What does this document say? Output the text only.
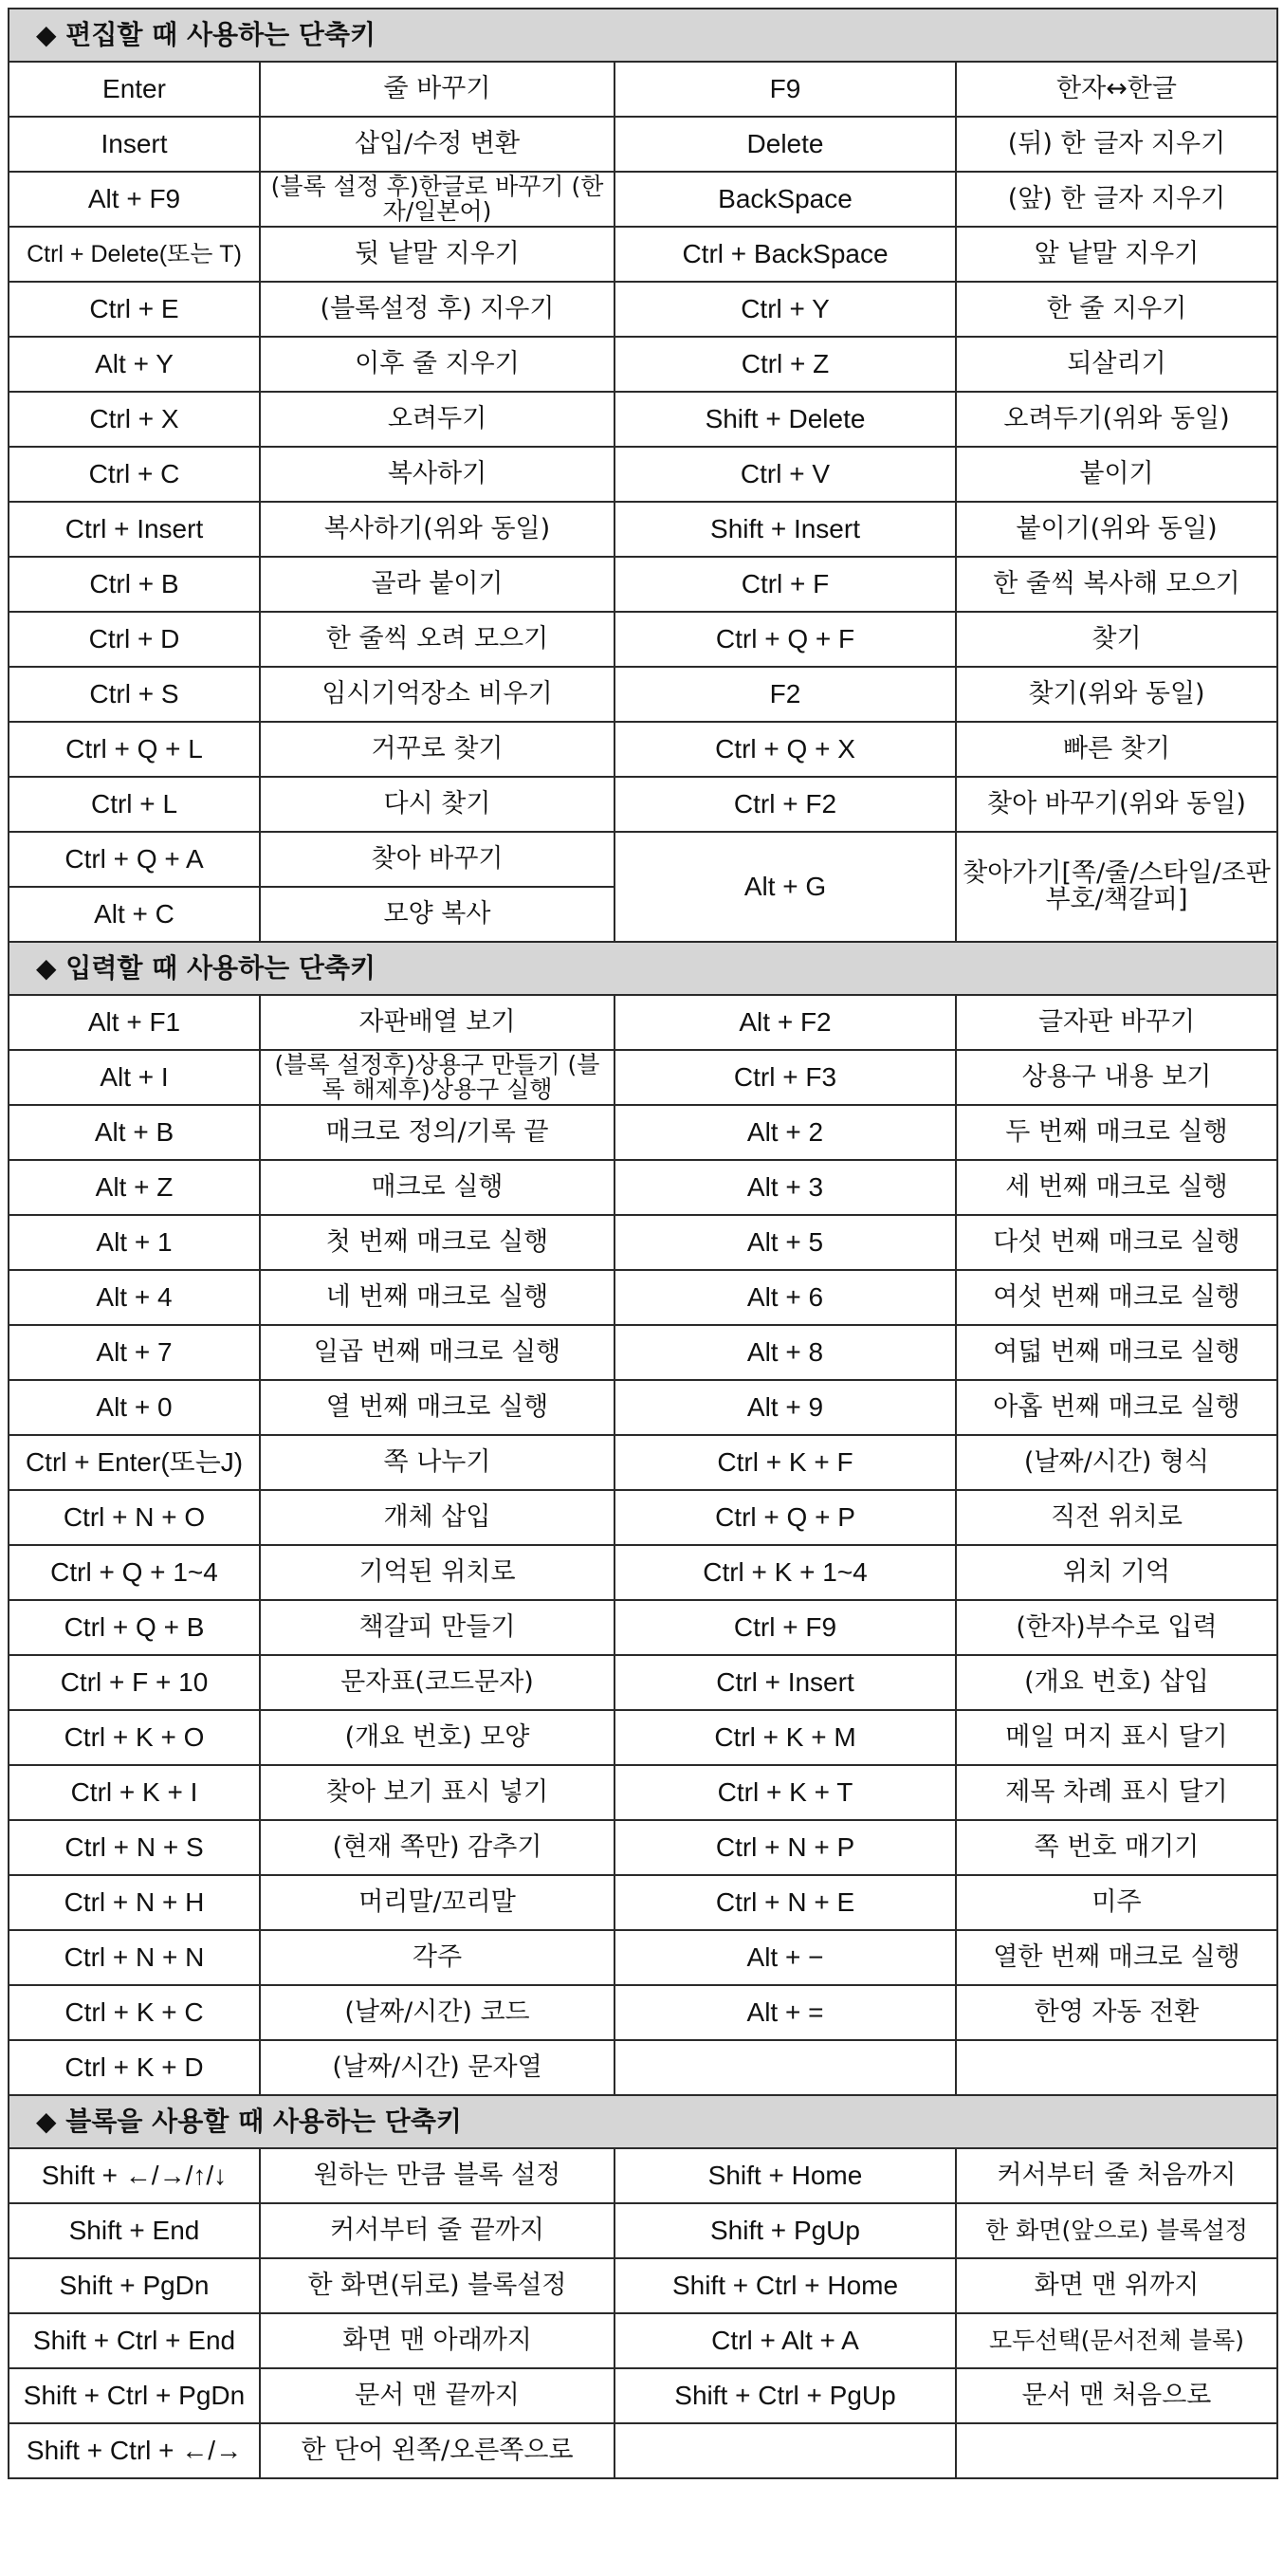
◆ 편집할 때 사용하는 단축키			
Enter	줄 바꾸기	F9	한자↔한글
Insert	삽입/수정 변환	Delete	(뒤) 한 글자 지우기
Alt + F9	(블록 설정 후)한글로 바꾸기 (한자/일본어)	BackSpace	(앞) 한 글자 지우기
Ctrl + Delete(또는 T)	뒷 낱말 지우기	Ctrl + BackSpace	앞 낱말 지우기
Ctrl + E	(블록설정 후) 지우기	Ctrl + Y	한 줄 지우기
Alt + Y	이후 줄 지우기	Ctrl + Z	되살리기
Ctrl + X	오려두기	Shift + Delete	오려두기(위와 동일)
Ctrl + C	복사하기	Ctrl + V	붙이기
Ctrl + Insert	복사하기(위와 동일)	Shift + Insert	붙이기(위와 동일)
Ctrl + B	골라 붙이기	Ctrl + F	한 줄씩 복사해 모으기
Ctrl + D	한 줄씩 오려 모으기	Ctrl + Q + F	찾기
Ctrl + S	임시기억장소 비우기	F2	찾기(위와 동일)
Ctrl + Q + L	거꾸로 찾기	Ctrl + Q + X	빠른 찾기
Ctrl + L	다시 찾기	Ctrl + F2	찾아 바꾸기(위와 동일)
Ctrl + Q + A	찾아 바꾸기	Alt + G	찾아가기[쪽/줄/스타일/조판부호/책갈피]
Alt + C	모양 복사		
◆ 입력할 때 사용하는 단축키			
Alt + F1	자판배열 보기	Alt + F2	글자판 바꾸기
Alt + I	(블록 설정후)상용구 만들기 (블록 해제후)상용구 실행	Ctrl + F3	상용구 내용 보기
Alt + B	매크로 정의/기록 끝	Alt + 2	두 번째 매크로 실행
Alt + Z	매크로 실행	Alt + 3	세 번째 매크로 실행
Alt + 1	첫 번째 매크로 실행	Alt + 5	다섯 번째 매크로 실행
Alt + 4	네 번째 매크로 실행	Alt + 6	여섯 번째 매크로 실행
Alt + 7	일곱 번째 매크로 실행	Alt + 8	여덟 번째 매크로 실행
Alt + 0	열 번째 매크로 실행	Alt + 9	아홉 번째 매크로 실행
Ctrl + Enter(또는J)	쪽 나누기	Ctrl + K + F	(날짜/시간) 형식
Ctrl + N + O	개체 삽입	Ctrl + Q + P	직전 위치로
Ctrl + Q + 1~4	기억된 위치로	Ctrl + K + 1~4	위치 기억
Ctrl + Q + B	책갈피 만들기	Ctrl + F9	(한자)부수로 입력
Ctrl + F + 10	문자표(코드문자)	Ctrl + Insert	(개요 번호) 삽입
Ctrl + K + O	(개요 번호) 모양	Ctrl + K + M	메일 머지 표시 달기
Ctrl + K + I	찾아 보기 표시 넣기	Ctrl + K + T	제목 차례 표시 달기
Ctrl + N + S	(현재 쪽만) 감추기	Ctrl + N + P	쪽 번호 매기기
Ctrl + N + H	머리말/꼬리말	Ctrl + N + E	미주
Ctrl + N + N	각주	Alt + −	열한 번째 매크로 실행
Ctrl + K + C	(날짜/시간) 코드	Alt + =	한영 자동 전환
Ctrl + K + D	(날짜/시간) 문자열		
◆ 블록을 사용할 때 사용하는 단축키			
Shift + ←/→/↑/↓	원하는 만큼 블록 설정	Shift + Home	커서부터 줄 처음까지
Shift + End	커서부터 줄 끝까지	Shift + PgUp	한 화면(앞으로) 블록설정
Shift + PgDn	한 화면(뒤로) 블록설정	Shift + Ctrl + Home	화면 맨 위까지
Shift + Ctrl + End	화면 맨 아래까지	Ctrl + Alt + A	모두선택(문서전체 블록)
Shift + Ctrl + PgDn	문서 맨 끝까지	Shift + Ctrl + PgUp	문서 맨 처음으로
Shift + Ctrl + ←/→	한 단어 왼쪽/오른쪽으로		
